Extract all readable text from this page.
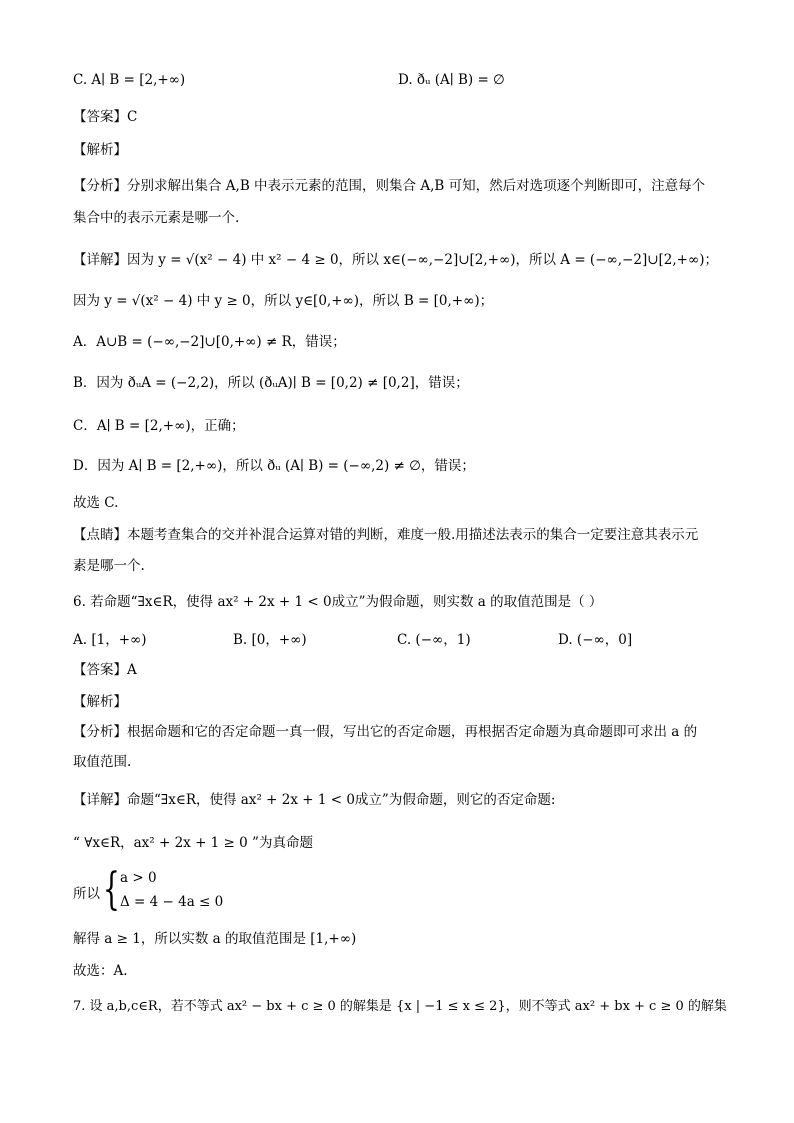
C. A∣ B = [2,+∞)	D. ðᵤ (A∣ B) = ∅
【答案】C
【解析】
【分析】分别求解出集合 A,B 中表示元素的范围，则集合 A,B 可知，然后对选项逐个判断即可，注意每个
集合中的表示元素是哪一个.
【详解】因为 y = √(x² − 4) 中 x² − 4 ≥ 0，所以 x∈(−∞,−2]∪[2,+∞)，所以 A = (−∞,−2]∪[2,+∞)；
因为 y = √(x² − 4) 中 y ≥ 0，所以 y∈[0,+∞)，所以 B = [0,+∞)；
A．A∪B = (−∞,−2]∪[0,+∞) ≠ R，错误；
B．因为 ðᵤA = (−2,2)，所以 (ðᵤA)∣ B = [0,2) ≠ [0,2]，错误；
C．A∣ B = [2,+∞)，正确；
D．因为 A∣ B = [2,+∞)，所以 ðᵤ (A∣ B) = (−∞,2) ≠ ∅，错误；
故选 C.
【点睛】本题考查集合的交并补混合运算对错的判断，难度一般.用描述法表示的集合一定要注意其表示元
素是哪一个.
6. 若命题“∃x∈R，使得 ax² + 2x + 1 < 0成立”为假命题，则实数 a 的取值范围是（ ）
A. [1，+∞)	B. [0，+∞)	C. (−∞，1)	D. (−∞，0]
【答案】A
【解析】
【分析】根据命题和它的否定命题一真一假，写出它的否定命题，再根据否定命题为真命题即可求出 a 的
取值范围.
【详解】命题“∃x∈R，使得 ax² + 2x + 1 < 0成立”为假命题，则它的否定命题:
“ ∀x∈R，ax² + 2x + 1 ≥ 0 ”为真命题
所以 { a > 0
Δ = 4 − 4a ≤ 0
解得 a ≥ 1，所以实数 a 的取值范围是 [1,+∞)
故选：A.
7. 设 a,b,c∈R，若不等式 ax² − bx + c ≥ 0 的解集是 {x | −1 ≤ x ≤ 2}，则不等式 ax² + bx + c ≥ 0 的解集
